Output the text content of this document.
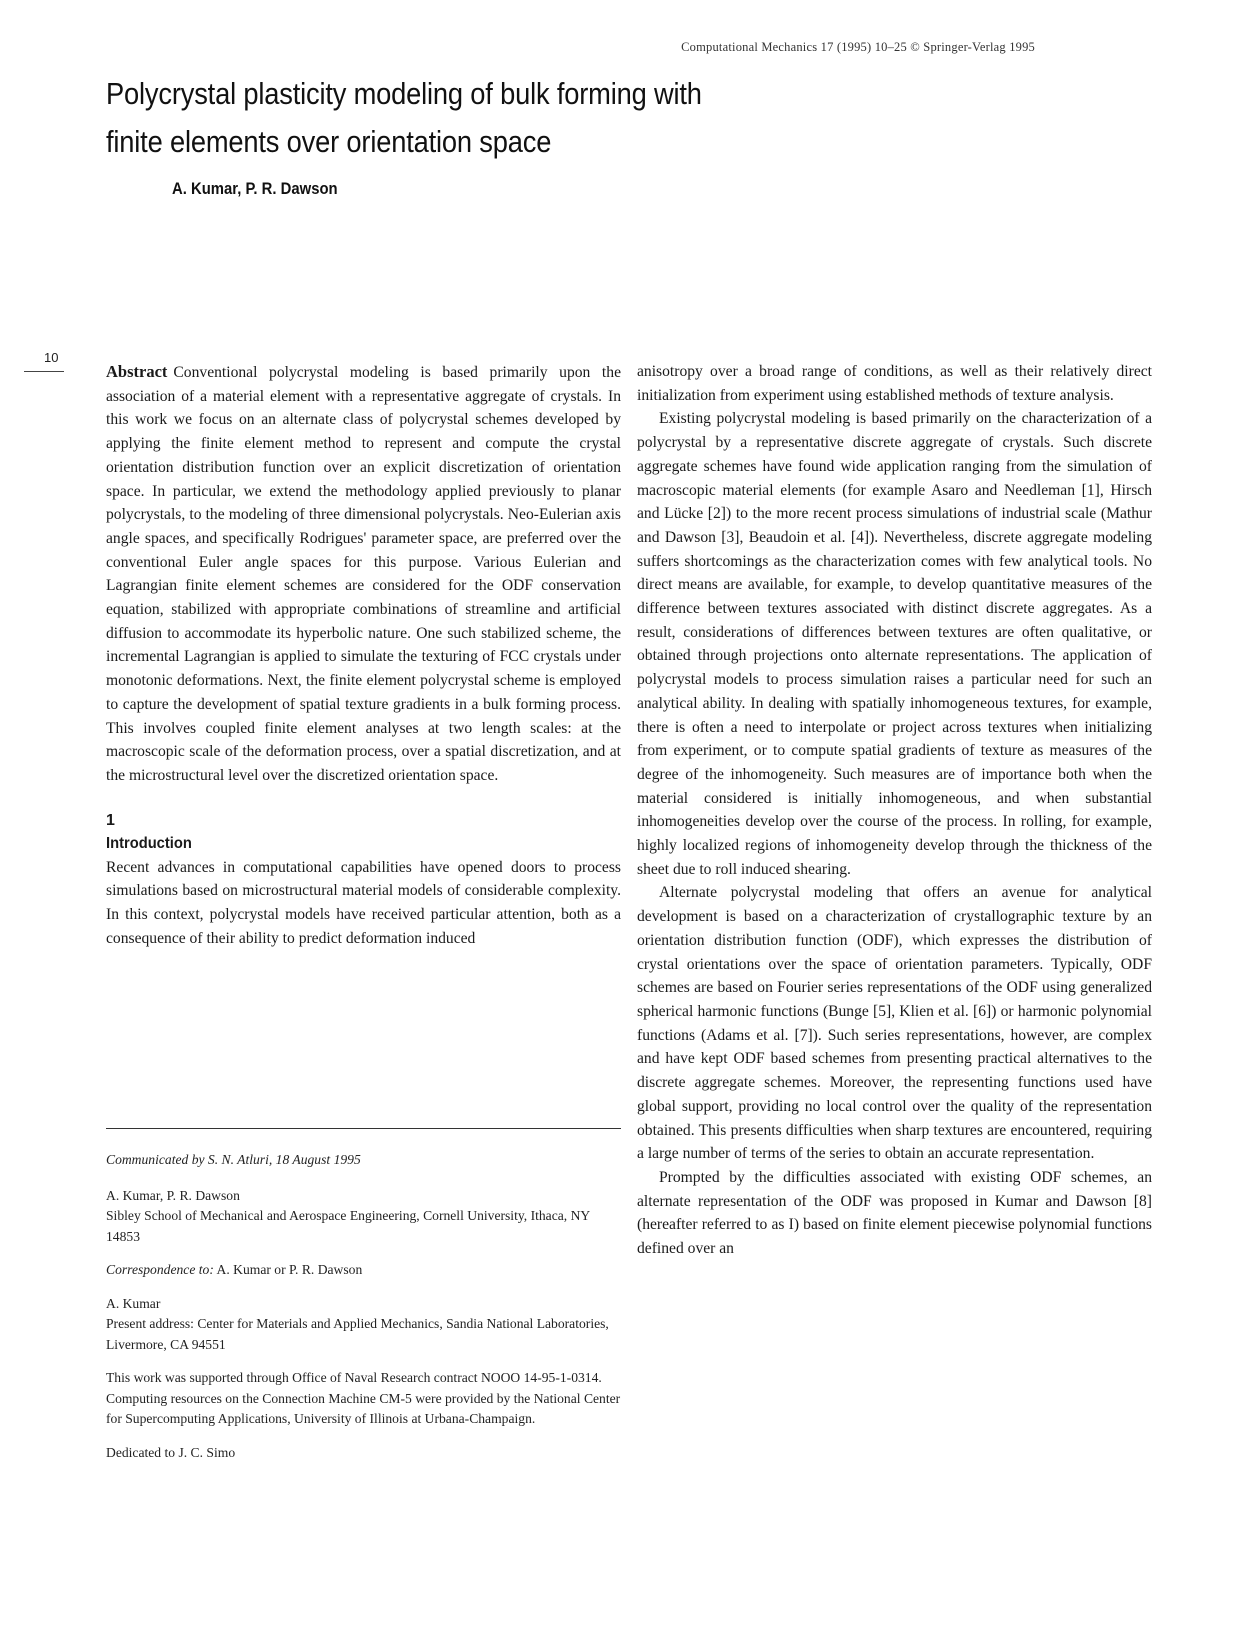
Computational Mechanics 17 (1995) 10–25 © Springer-Verlag 1995
Polycrystal plasticity modeling of bulk forming with finite elements over orientation space
A. Kumar, P. R. Dawson
10

Abstract Conventional polycrystal modeling is based primarily upon the association of a material element with a representative aggregate of crystals. In this work we focus on an alternate class of polycrystal schemes developed by applying the finite element method to represent and compute the crystal orientation distribution function over an explicit discretization of orientation space. In particular, we extend the methodology applied previously to planar polycrystals, to the modeling of three dimensional polycrystals. Neo-Eulerian axis angle spaces, and specifically Rodrigues' parameter space, are preferred over the conventional Euler angle spaces for this purpose. Various Eulerian and Lagrangian finite element schemes are considered for the ODF conservation equation, stabilized with appropriate combinations of streamline and artificial diffusion to accommodate its hyperbolic nature. One such stabilized scheme, the incremental Lagrangian is applied to simulate the texturing of FCC crystals under monotonic deformations. Next, the finite element polycrystal scheme is employed to capture the development of spatial texture gradients in a bulk forming process. This involves coupled finite element analyses at two length scales: at the macroscopic scale of the deformation process, over a spatial discretization, and at the microstructural level over the discretized orientation space.

1
Introduction

Recent advances in computational capabilities have opened doors to process simulations based on microstructural material models of considerable complexity. In this context, polycrystal models have received particular attention, both as a consequence of their ability to predict deformation induced

anisotropy over a broad range of conditions, as well as their relatively direct initialization from experiment using established methods of texture analysis.

Existing polycrystal modeling is based primarily on the characterization of a polycrystal by a representative discrete aggregate of crystals. Such discrete aggregate schemes have found wide application ranging from the simulation of macroscopic material elements (for example Asaro and Needleman [1], Hirsch and Lücke [2]) to the more recent process simulations of industrial scale (Mathur and Dawson [3], Beaudoin et al. [4]). Nevertheless, discrete aggregate modeling suffers shortcomings as the characterization comes with few analytical tools. No direct means are available, for example, to develop quantitative measures of the difference between textures associated with distinct discrete aggregates. As a result, considerations of differences between textures are often qualitative, or obtained through projections onto alternate representations. The application of polycrystal models to process simulation raises a particular need for such an analytical ability. In dealing with spatially inhomogeneous textures, for example, there is often a need to interpolate or project across textures when initializing from experiment, or to compute spatial gradients of texture as measures of the degree of the inhomogeneity. Such measures are of importance both when the material considered is initially inhomogeneous, and when substantial inhomogeneities develop over the course of the process. In rolling, for example, highly localized regions of inhomogeneity develop through the thickness of the sheet due to roll induced shearing.

Alternate polycrystal modeling that offers an avenue for analytical development is based on a characterization of crystallographic texture by an orientation distribution function (ODF), which expresses the distribution of crystal orientations over the space of orientation parameters. Typically, ODF schemes are based on Fourier series representations of the ODF using generalized spherical harmonic functions (Bunge [5], Klien et al. [6]) or harmonic polynomial functions (Adams et al. [7]). Such series representations, however, are complex and have kept ODF based schemes from presenting practical alternatives to the discrete aggregate schemes. Moreover, the representing functions used have global support, providing no local control over the quality of the representation obtained. This presents difficulties when sharp textures are encountered, requiring a large number of terms of the series to obtain an accurate representation.

Prompted by the difficulties associated with existing ODF schemes, an alternate representation of the ODF was proposed in Kumar and Dawson [8] (hereafter referred to as I) based on finite element piecewise polynomial functions defined over an

Communicated by S. N. Atluri, 18 August 1995

A. Kumar, P. R. Dawson
Sibley School of Mechanical and Aerospace Engineering, Cornell University, Ithaca, NY 14853

Correspondence to: A. Kumar or P. R. Dawson

A. Kumar
Present address: Center for Materials and Applied Mechanics, Sandia National Laboratories, Livermore, CA 94551

This work was supported through Office of Naval Research contract NOOO 14-95-1-0314. Computing resources on the Connection Machine CM-5 were provided by the National Center for Supercomputing Applications, University of Illinois at Urbana-Champaign.

Dedicated to J. C. Simo
